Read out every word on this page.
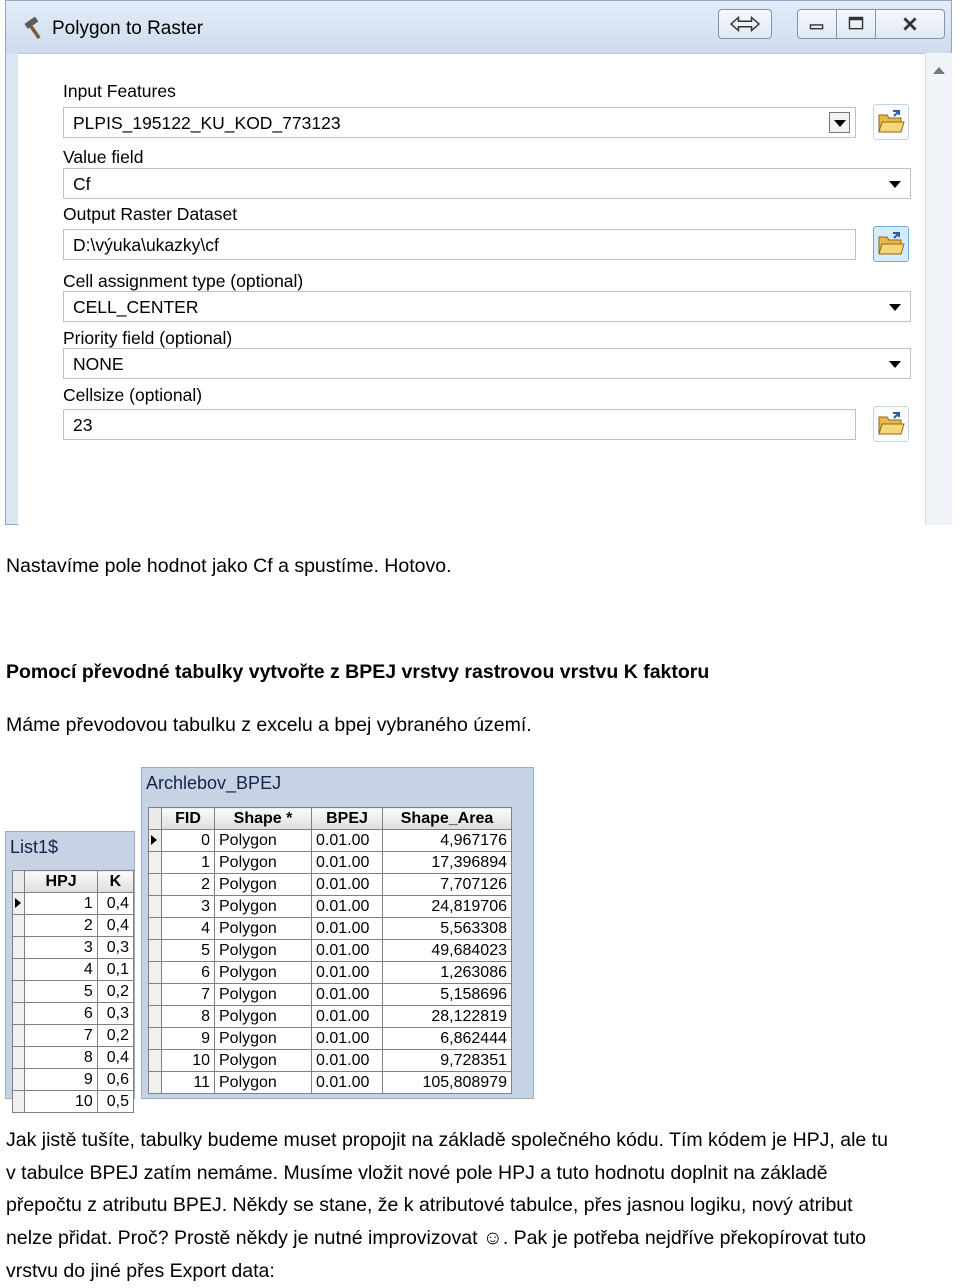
Polygon to Raster
Input Features
PLPIS_195122_KU_KOD_773123
Value field
Cf
Output Raster Dataset
D:\výuka\ukazky\cf
Cell assignment type (optional)
CELL_CENTER
Priority field (optional)
NONE
Cellsize (optional)
23
Nastavíme pole hodnot jako Cf a spustíme. Hotovo.
Pomocí převodné tabulky vytvořte z BPEJ vrstvy rastrovou vrstvu K faktoru
Máme převodovou tabulku z excelu a bpej vybraného území.
List1$
	HPJ	K
	1	0,4
	2	0,4
	3	0,3
	4	0,1
	5	0,2
	6	0,3
	7	0,2
	8	0,4
	9	0,6
	10	0,5
Archlebov_BPEJ
	FID	Shape *	BPEJ	Shape_Area
	0	Polygon	0.01.00	4,967176
	1	Polygon	0.01.00	17,396894
	2	Polygon	0.01.00	7,707126
	3	Polygon	0.01.00	24,819706
	4	Polygon	0.01.00	5,563308
	5	Polygon	0.01.00	49,684023
	6	Polygon	0.01.00	1,263086
	7	Polygon	0.01.00	5,158696
	8	Polygon	0.01.00	28,122819
	9	Polygon	0.01.00	6,862444
	10	Polygon	0.01.00	9,728351
	11	Polygon	0.01.00	105,808979
Jak jistě tušíte, tabulky budeme muset propojit na základě společného kódu. Tím kódem je HPJ, ale tu
v tabulce BPEJ zatím nemáme. Musíme vložit nové pole HPJ a tuto hodnotu doplnit na základě
přepočtu z atributu BPEJ. Někdy se stane, že k atributové tabulce, přes jasnou logiku, nový atribut
nelze přidat. Proč? Prostě někdy je nutné improvizovat ☺. Pak je potřeba nejdříve překopírovat tuto
vrstvu do jiné přes Export data:
